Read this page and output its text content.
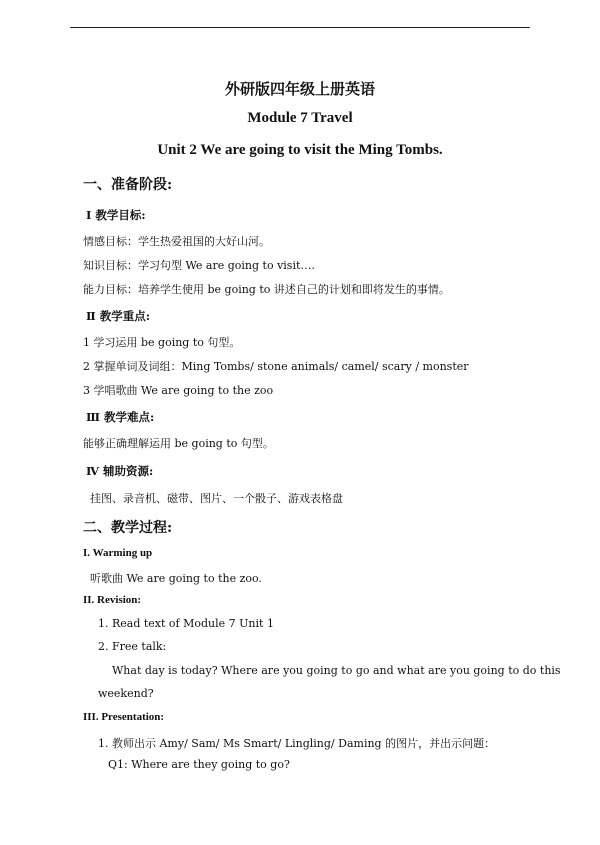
外研版四年级上册英语
Module 7 Travel
Unit 2 We are going to visit the Ming Tombs.
一、准备阶段:
Ⅰ 教学目标:
情感目标：学生热爱祖国的大好山河。
知识目标：学习句型 We are going to visit….
能力目标：培养学生使用 be going to 讲述自己的计划和即将发生的事情。
Ⅱ 教学重点:
1 学习运用 be going to 句型。
2 掌握单词及词组：Ming Tombs/ stone animals/ camel/ scary / monster
3 学唱歌曲 We are going to the zoo
Ⅲ 教学难点:
能够正确理解运用 be going to 句型。
Ⅳ 辅助资源:
挂图、录音机、磁带、图片、一个骰子、游戏表格盘
二、教学过程:
I. Warming up
听歌曲 We are going to the zoo.
II. Revision:
1. Read text of Module 7 Unit 1
2. Free talk:
What day is today? Where are you going to go and what are you going to do this
weekend?
III. Presentation:
1. 教师出示 Amy/ Sam/ Ms Smart/ Lingling/ Daming 的图片，并出示问题：
Q1: Where are they going to go?
